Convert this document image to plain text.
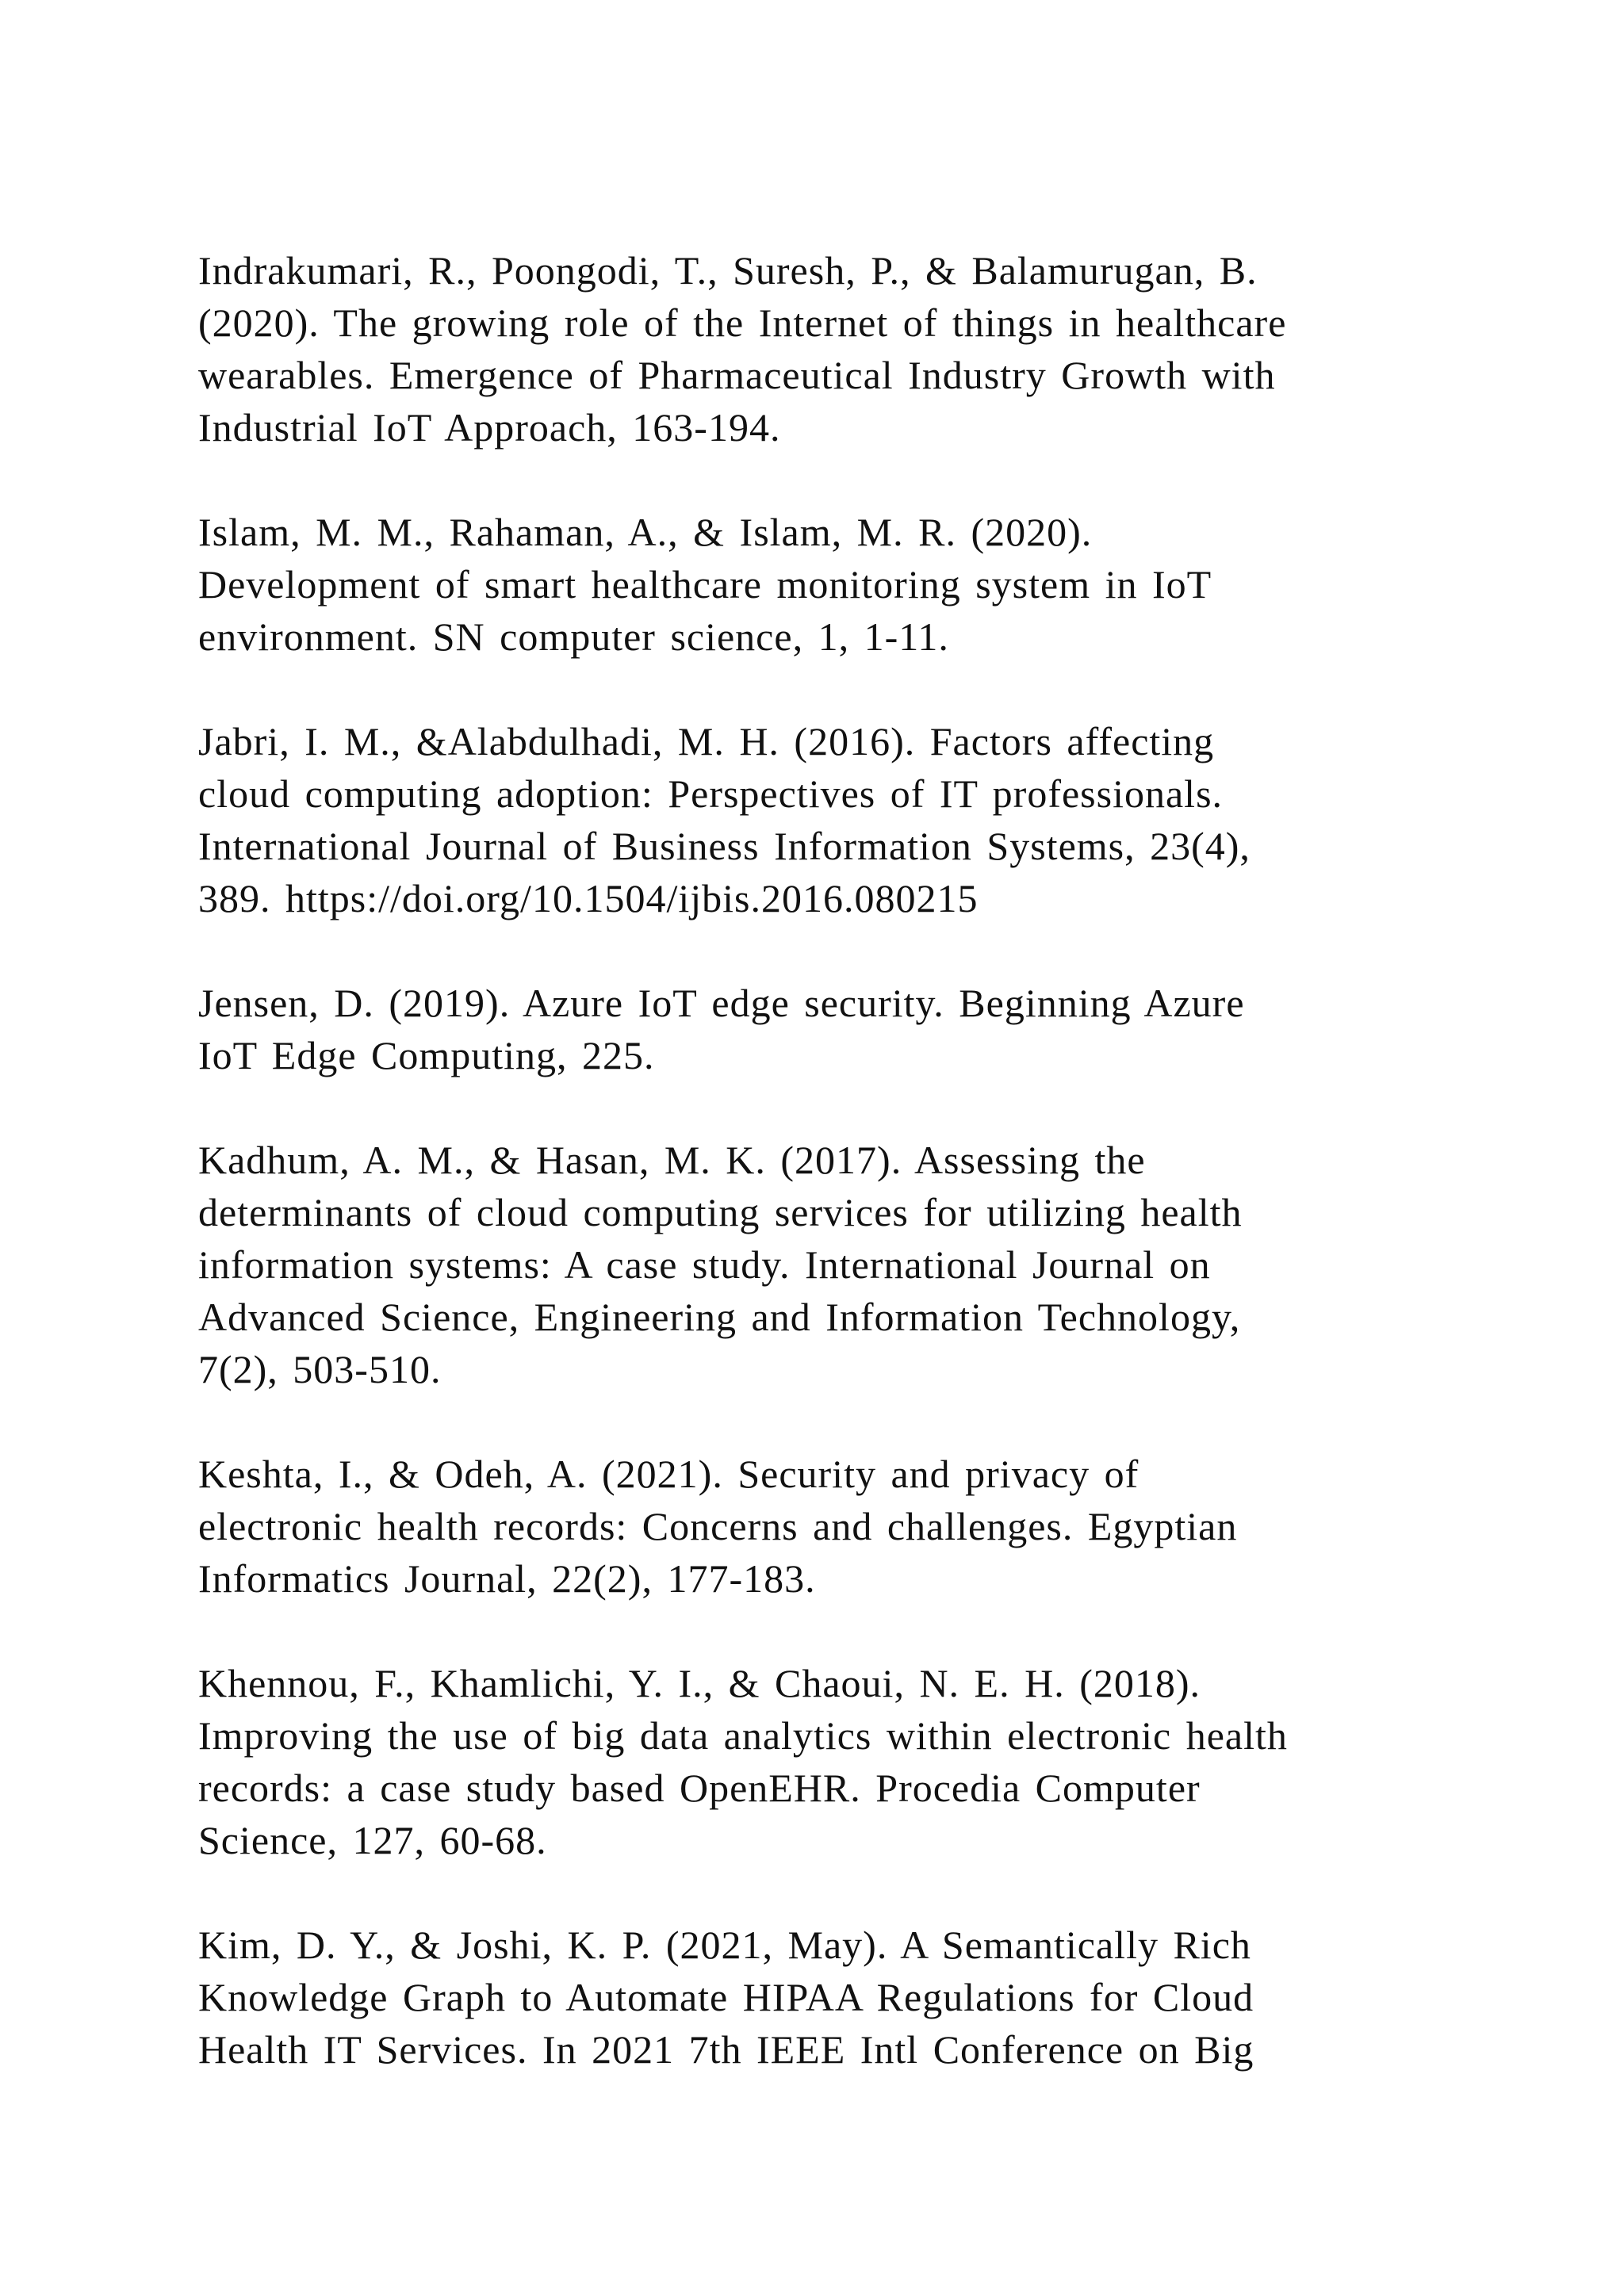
Indrakumari, R., Poongodi, T., Suresh, P., & Balamurugan, B.
(2020). The growing role of the Internet of things in healthcare
wearables. Emergence of Pharmaceutical Industry Growth with
Industrial IoT Approach, 163-194.
Islam, M. M., Rahaman, A., & Islam, M. R. (2020).
Development of smart healthcare monitoring system in IoT
environment. SN computer science, 1, 1-11.
Jabri, I. M., &Alabdulhadi, M. H. (2016). Factors affecting
cloud computing adoption: Perspectives of IT professionals.
International Journal of Business Information Systems, 23(4),
389. https://doi.org/10.1504/ijbis.2016.080215
Jensen, D. (2019). Azure IoT edge security. Beginning Azure
IoT Edge Computing, 225.
Kadhum, A. M., & Hasan, M. K. (2017). Assessing the
determinants of cloud computing services for utilizing health
information systems: A case study. International Journal on
Advanced Science, Engineering and Information Technology,
7(2), 503-510.
Keshta, I., & Odeh, A. (2021). Security and privacy of
electronic health records: Concerns and challenges. Egyptian
Informatics Journal, 22(2), 177-183.
Khennou, F., Khamlichi, Y. I., & Chaoui, N. E. H. (2018).
Improving the use of big data analytics within electronic health
records: a case study based OpenEHR. Procedia Computer
Science, 127, 60-68.
Kim, D. Y., & Joshi, K. P. (2021, May). A Semantically Rich
Knowledge Graph to Automate HIPAA Regulations for Cloud
Health IT Services. In 2021 7th IEEE Intl Conference on Big
